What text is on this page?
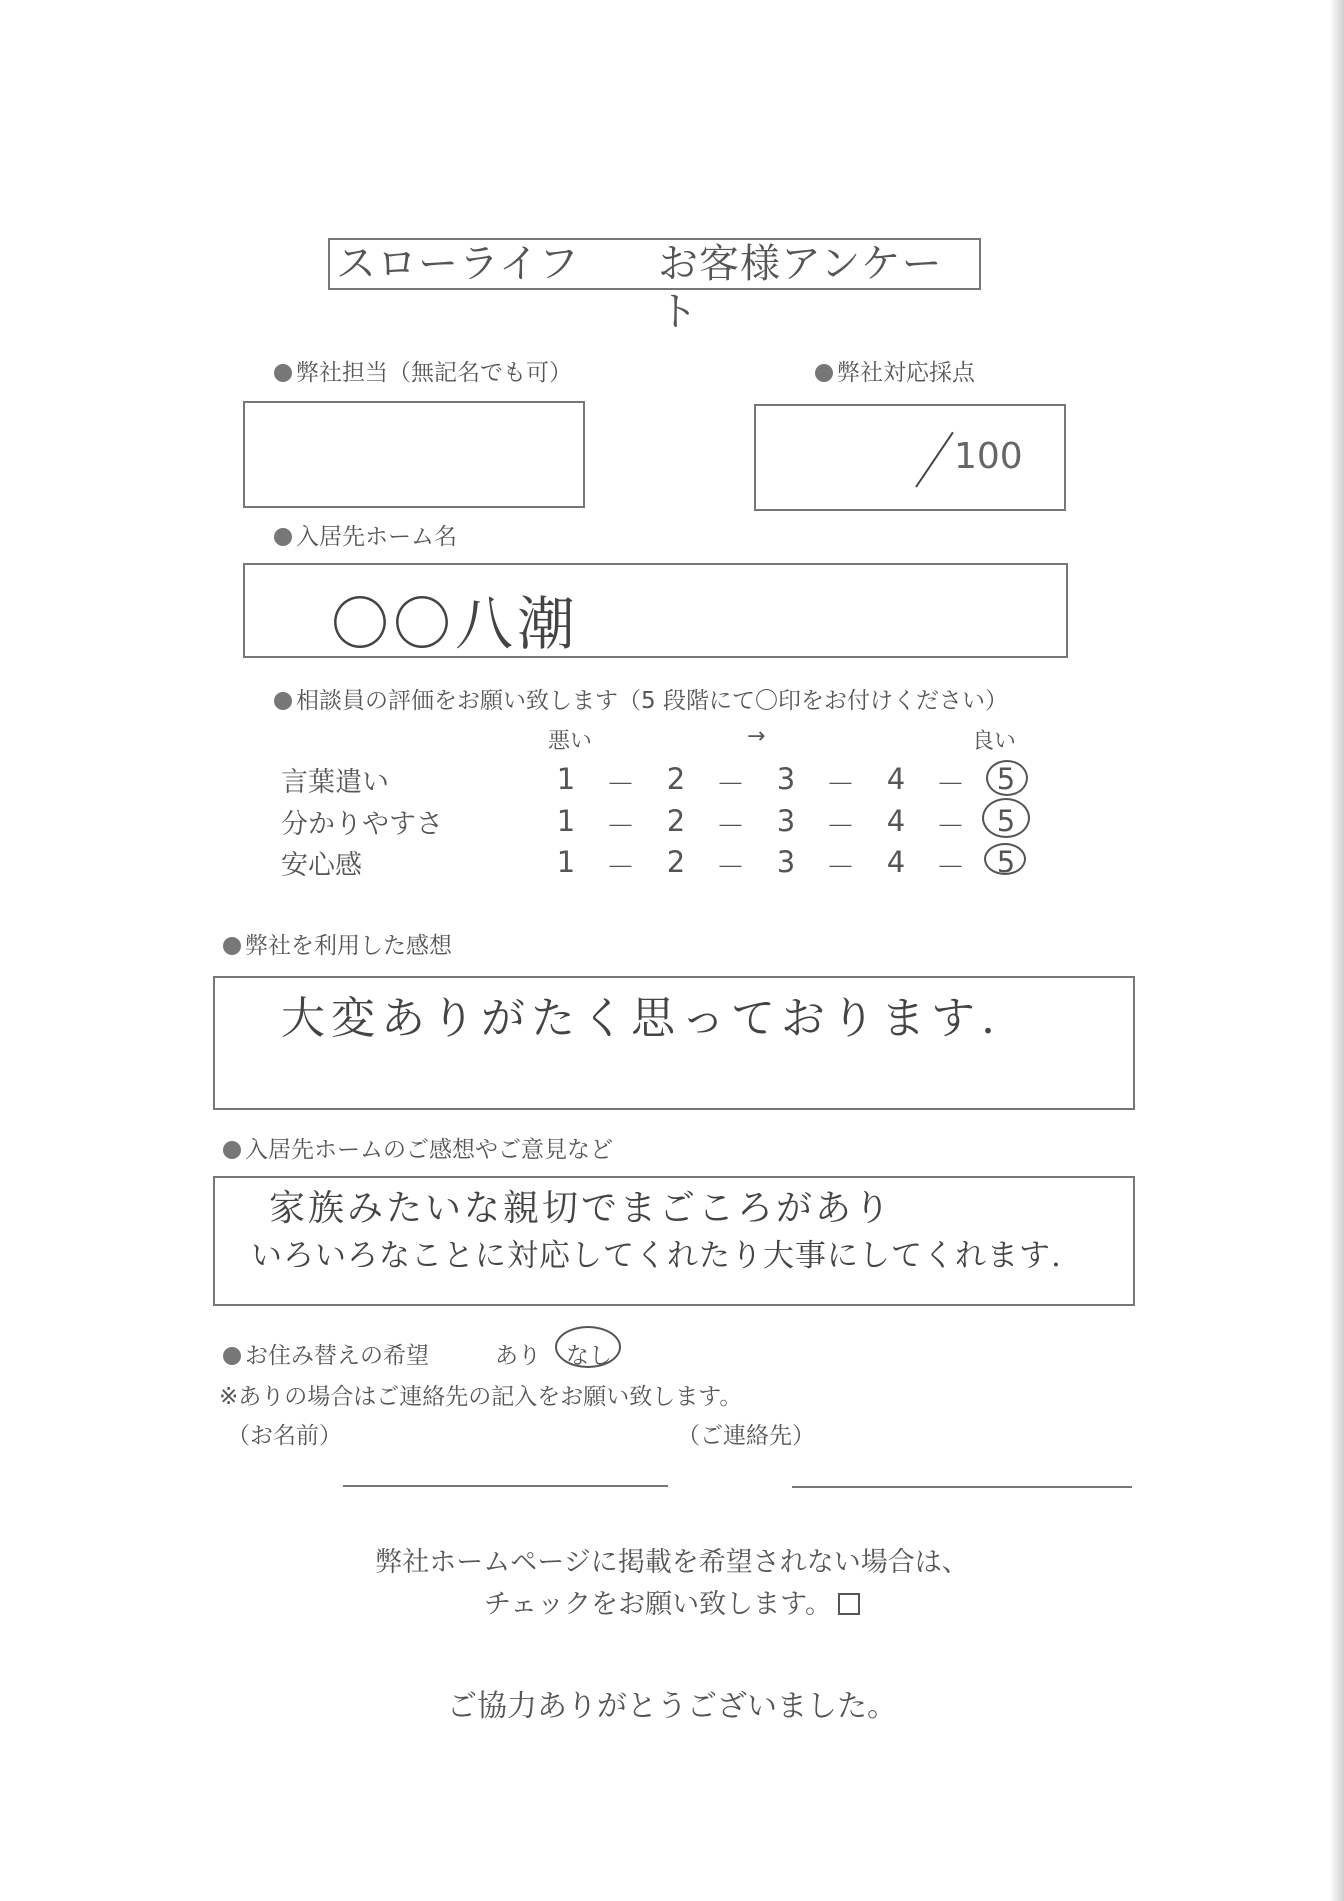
スローライフ お客様アンケート
弊社担当（無記名でも可）	弊社対応採点
100
入居先ホーム名
〇〇八潮
相談員の評価をお願い致します（5 段階にて〇印をお付けください）
悪い	→	良い
言葉遣い	1 － 2 － 3 － 4 － 5
分かりやすさ	1 － 2 － 3 － 4 － 5
安心感	1 － 2 － 3 － 4 － 5
弊社を利用した感想
大変ありがたく思っております.
入居先ホームのご感想やご意見など
家族みたいな親切でまごころがあり
いろいろなことに対応してくれたり大事にしてくれます.
お住み替えの希望	あり なし
※ありの場合はご連絡先の記入をお願い致します。
（お名前）	（ご連絡先）
弊社ホームページに掲載を希望されない場合は、
チェックをお願い致します。
ご協力ありがとうございました。
